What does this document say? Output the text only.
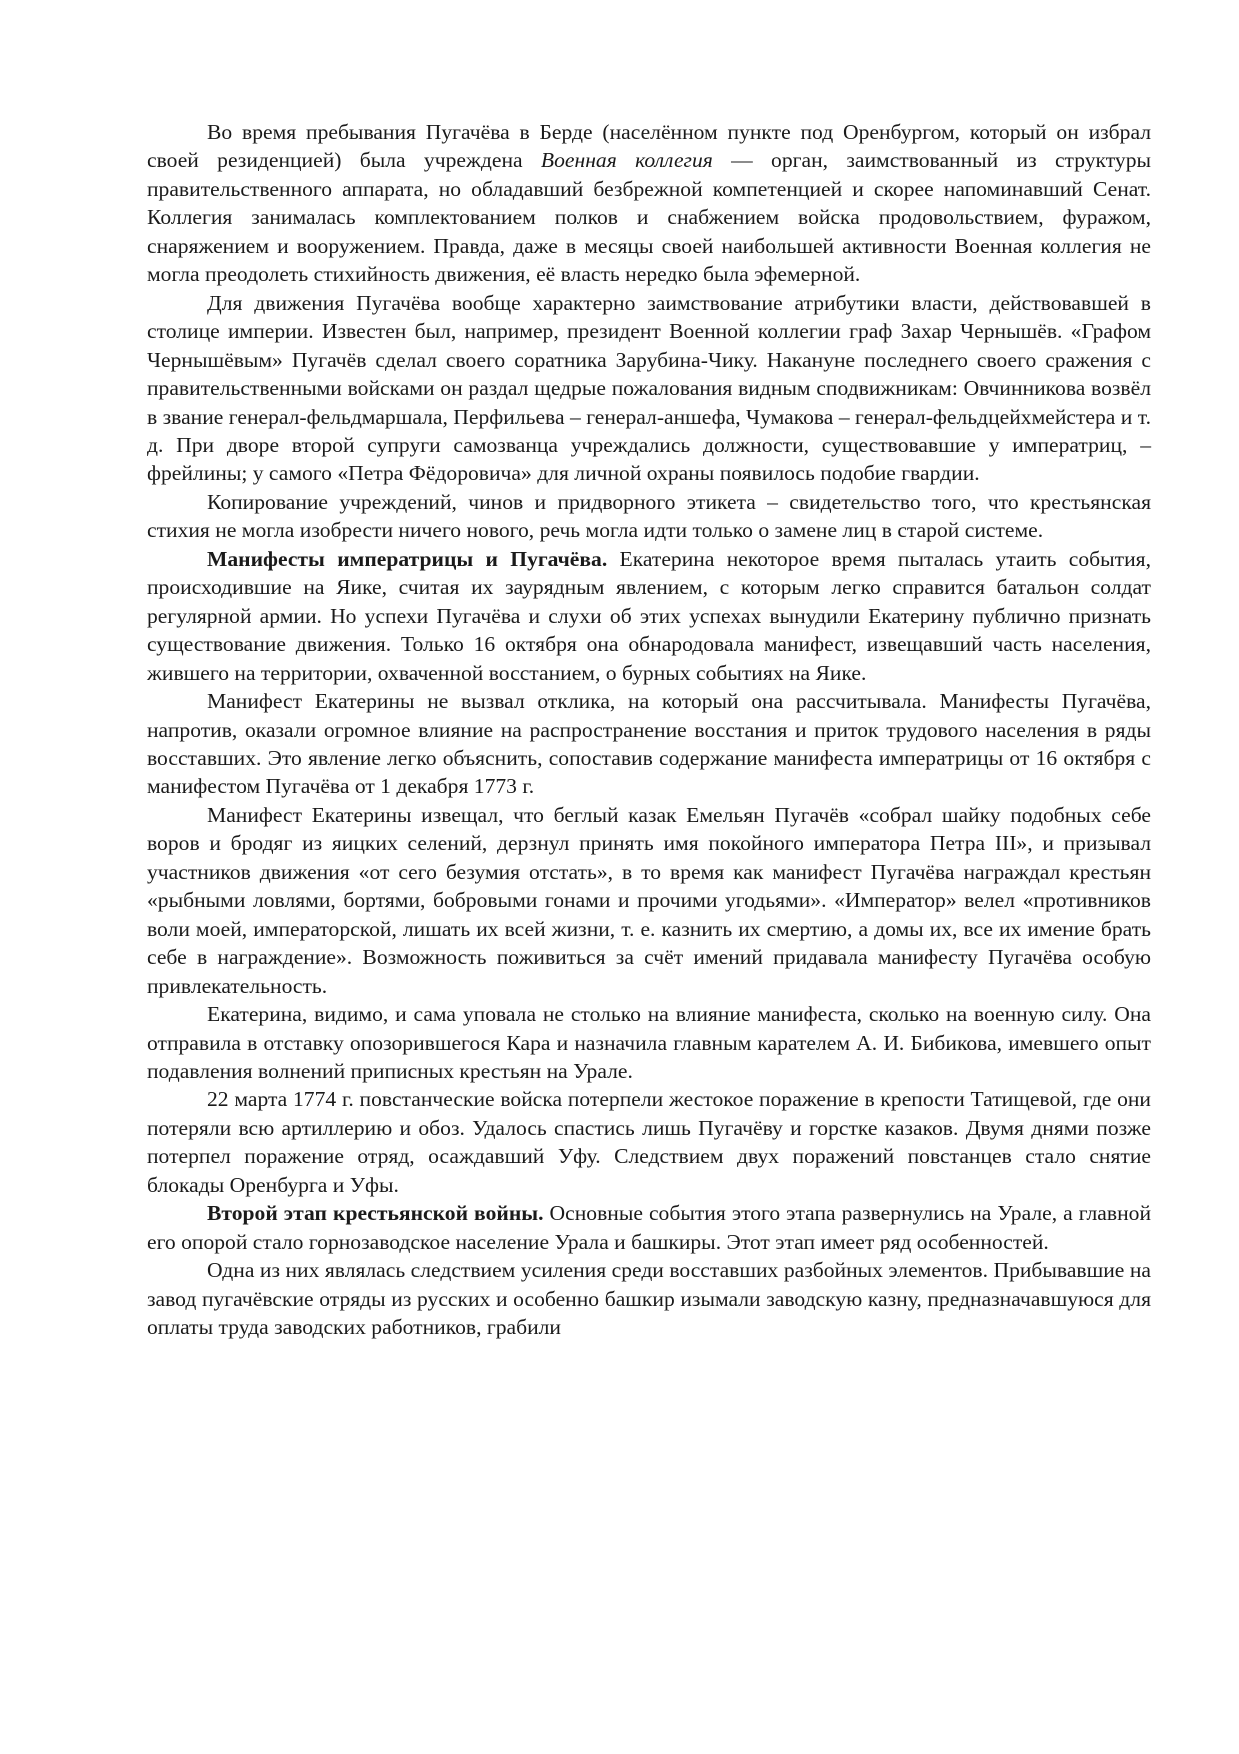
Во время пребывания Пугачёва в Берде (населённом пункте под Оренбургом, который он избрал своей резиденцией) была учреждена Военная коллегия — орган, заимствованный из структуры правительственного аппарата, но обладавший безбрежной компетенцией и скорее напоминавший Сенат. Коллегия занималась комплектованием полков и снабжением войска продовольствием, фуражом, снаряжением и вооружением. Правда, даже в месяцы своей наибольшей активности Военная коллегия не могла преодолеть стихийность движения, её власть нередко была эфемерной.

Для движения Пугачёва вообще характерно заимствование атрибутики власти, действовавшей в столице империи. Известен был, например, президент Военной коллегии граф Захар Чернышёв. «Графом Чернышёвым» Пугачёв сделал своего соратника Зарубина-Чику. Накануне последнего своего сражения с правительственными войсками он раздал щедрые пожалования видным сподвижникам: Овчинникова возвёл в звание генерал-фельдмаршала, Перфильева – генерал-аншефа, Чумакова – генерал-фельдцейхмейстера и т. д. При дворе второй супруги самозванца учреждались должности, существовавшие у императриц, – фрейлины; у самого «Петра Фёдоровича» для личной охраны появилось подобие гвардии.

Копирование учреждений, чинов и придворного этикета – свидетельство того, что крестьянская стихия не могла изобрести ничего нового, речь могла идти только о замене лиц в старой системе.

Манифесты императрицы и Пугачёва. Екатерина некоторое время пыталась утаить события, происходившие на Яике, считая их заурядным явлением, с которым легко справится батальон солдат регулярной армии. Но успехи Пугачёва и слухи об этих успехах вынудили Екатерину публично признать существование движения. Только 16 октября она обнародовала манифест, извещавший часть населения, жившего на территории, охваченной восстанием, о бурных событиях на Яике.

Манифест Екатерины не вызвал отклика, на который она рассчитывала. Манифесты Пугачёва, напротив, оказали огромное влияние на распространение восстания и приток трудового населения в ряды восставших. Это явление легко объяснить, сопоставив содержание манифеста императрицы от 16 октября с манифестом Пугачёва от 1 декабря 1773 г.

Манифест Екатерины извещал, что беглый казак Емельян Пугачёв «собрал шайку подобных себе воров и бродяг из яицких селений, дерзнул принять имя покойного императора Петра III», и призывал участников движения «от сего безумия отстать», в то время как манифест Пугачёва награждал крестьян «рыбными ловлями, бортями, бобровыми гонами и прочими угодьями». «Император» велел «противников воли моей, императорской, лишать их всей жизни, т. е. казнить их смертию, а домы их, все их имение брать себе в награждение». Возможность поживиться за счёт имений придавала манифесту Пугачёва особую привлекательность.

Екатерина, видимо, и сама уповала не столько на влияние манифеста, сколько на военную силу. Она отправила в отставку опозорившегося Кара и назначила главным карателем А. И. Бибикова, имевшего опыт подавления волнений приписных крестьян на Урале.

22 марта 1774 г. повстанческие войска потерпели жестокое поражение в крепости Татищевой, где они потеряли всю артиллерию и обоз. Удалось спастись лишь Пугачёву и горстке казаков. Двумя днями позже потерпел поражение отряд, осаждавший Уфу. Следствием двух поражений повстанцев стало снятие блокады Оренбурга и Уфы.

Второй этап крестьянской войны. Основные события этого этапа развернулись на Урале, а главной его опорой стало горнозаводское население Урала и башкиры. Этот этап имеет ряд особенностей.

Одна из них являлась следствием усиления среди восставших разбойных элементов. Прибывавшие на завод пугачёвские отряды из русских и особенно башкир изымали заводскую казну, предназначавшуюся для оплаты труда заводских работников, грабили
